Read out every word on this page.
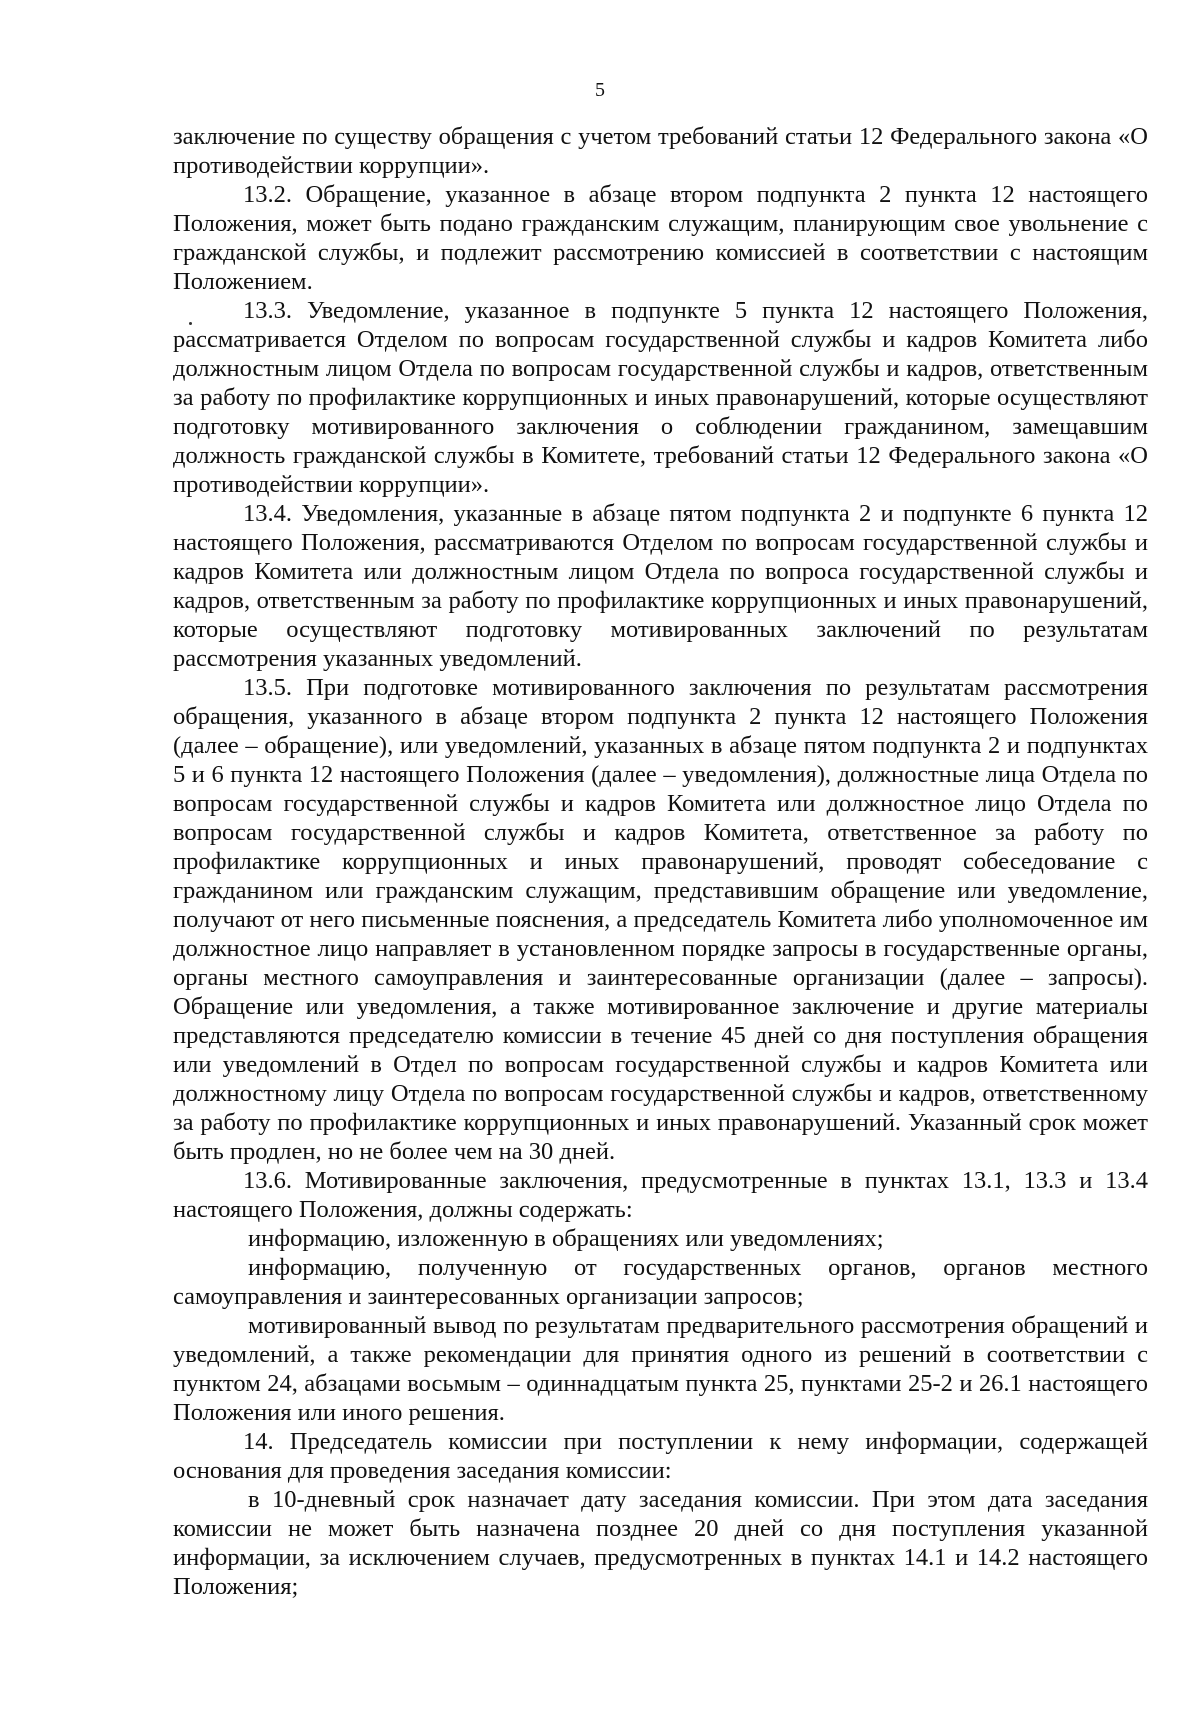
5

заключение по существу обращения с учетом требований статьи 12 Федерального закона «О противодействии коррупции».

13.2. Обращение, указанное в абзаце втором подпункта 2 пункта 12 настоящего Положения, может быть подано гражданским служащим, планирующим свое увольнение с гражданской службы, и подлежит рассмотрению комиссией в соответствии с настоящим Положением.

13.3. Уведомление, указанное в подпункте 5 пункта 12 настоящего Положения, рассматривается Отделом по вопросам государственной службы и кадров Комитета либо должностным лицом Отдела по вопросам государственной службы и кадров, ответственным за работу по профилактике коррупционных и иных правонарушений, которые осуществляют подготовку мотивированного заключения о соблюдении гражданином, замещавшим должность гражданской службы в Комитете, требований статьи 12 Федерального закона «О противодействии коррупции».

13.4. Уведомления, указанные в абзаце пятом подпункта 2 и подпункте 6 пункта 12 настоящего Положения, рассматриваются Отделом по вопросам государственной службы и кадров Комитета или должностным лицом Отдела по вопроса государственной службы и кадров, ответственным за работу по профилактике коррупционных и иных правонарушений, которые осуществляют подготовку мотивированных заключений по результатам рассмотрения указанных уведомлений.

13.5. При подготовке мотивированного заключения по результатам рассмотрения обращения, указанного в абзаце втором подпункта 2 пункта 12 настоящего Положения (далее – обращение), или уведомлений, указанных в абзаце пятом подпункта 2 и подпунктах 5 и 6 пункта 12 настоящего Положения (далее – уведомления), должностные лица Отдела по вопросам государственной службы и кадров Комитета или должностное лицо Отдела по вопросам государственной службы и кадров Комитета, ответственное за работу по профилактике коррупционных и иных правонарушений, проводят собеседование с гражданином или гражданским служащим, представившим обращение или уведомление, получают от него письменные пояснения, а председатель Комитета либо уполномоченное им должностное лицо направляет в установленном порядке запросы в государственные органы, органы местного самоуправления и заинтересованные организации (далее – запросы). Обращение или уведомления, а также мотивированное заключение и другие материалы представляются председателю комиссии в течение 45 дней со дня поступления обращения или уведомлений в Отдел по вопросам государственной службы и кадров Комитета или должностному лицу Отдела по вопросам государственной службы и кадров, ответственному за работу по профилактике коррупционных и иных правонарушений. Указанный срок может быть продлен, но не более чем на 30 дней.

13.6. Мотивированные заключения, предусмотренные в пунктах 13.1, 13.3 и 13.4 настоящего Положения, должны содержать:

информацию, изложенную в обращениях или уведомлениях;

информацию, полученную от государственных органов, органов местного самоуправления и заинтересованных организации запросов;

мотивированный вывод по результатам предварительного рассмотрения обращений и уведомлений, а также рекомендации для принятия одного из решений в соответствии с пунктом 24, абзацами восьмым – одиннадцатым пункта 25, пунктами 25-2 и 26.1 настоящего Положения или иного решения.

14. Председатель комиссии при поступлении к нему информации, содержащей основания для проведения заседания комиссии:

в 10-дневный срок назначает дату заседания комиссии. При этом дата заседания комиссии не может быть назначена позднее 20 дней со дня поступления указанной информации, за исключением случаев, предусмотренных в пунктах 14.1 и 14.2 настоящего Положения;
